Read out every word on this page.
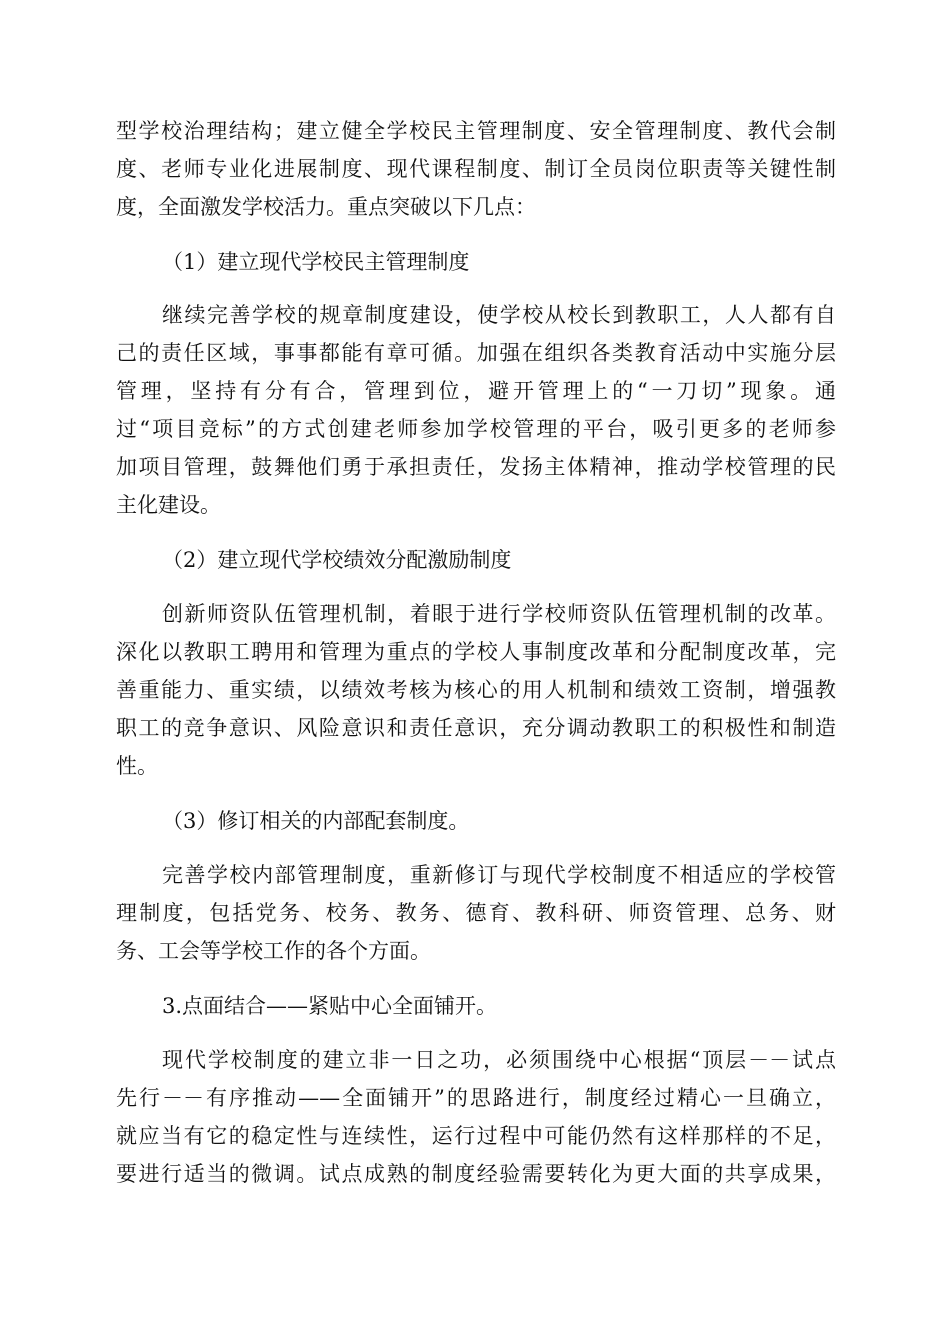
型学校治理结构；建立健全学校民主管理制度、安全管理制度、教代会制
度、老师专业化进展制度、现代课程制度、制订全员岗位职责等关键性制
度，全面激发学校活力。重点突破以下几点：
（1）建立现代学校民主管理制度
继续完善学校的规章制度建设，使学校从校长到教职工，人人都有自
己的责任区域，事事都能有章可循。加强在组织各类教育活动中实施分层
管理，坚持有分有合，管理到位，避开管理上的“一刀切”现象。通
过“项目竞标”的方式创建老师参加学校管理的平台，吸引更多的老师参
加项目管理，鼓舞他们勇于承担责任，发扬主体精神，推动学校管理的民
主化建设。
（2）建立现代学校绩效分配激励制度
创新师资队伍管理机制，着眼于进行学校师资队伍管理机制的改革。
深化以教职工聘用和管理为重点的学校人事制度改革和分配制度改革，完
善重能力、重实绩，以绩效考核为核心的用人机制和绩效工资制，增强教
职工的竞争意识、风险意识和责任意识，充分调动教职工的积极性和制造
性。
（3）修订相关的内部配套制度。
完善学校内部管理制度，重新修订与现代学校制度不相适应的学校管
理制度，包括党务、校务、教务、德育、教科研、师资管理、总务、财
务、工会等学校工作的各个方面。
3.点面结合——紧贴中心全面铺开。
现代学校制度的建立非一日之功，必须围绕中心根据“顶层－－试点
先行－－有序推动——全面铺开”的思路进行，制度经过精心一旦确立，
就应当有它的稳定性与连续性，运行过程中可能仍然有这样那样的不足，
要进行适当的微调。试点成熟的制度经验需要转化为更大面的共享成果，
